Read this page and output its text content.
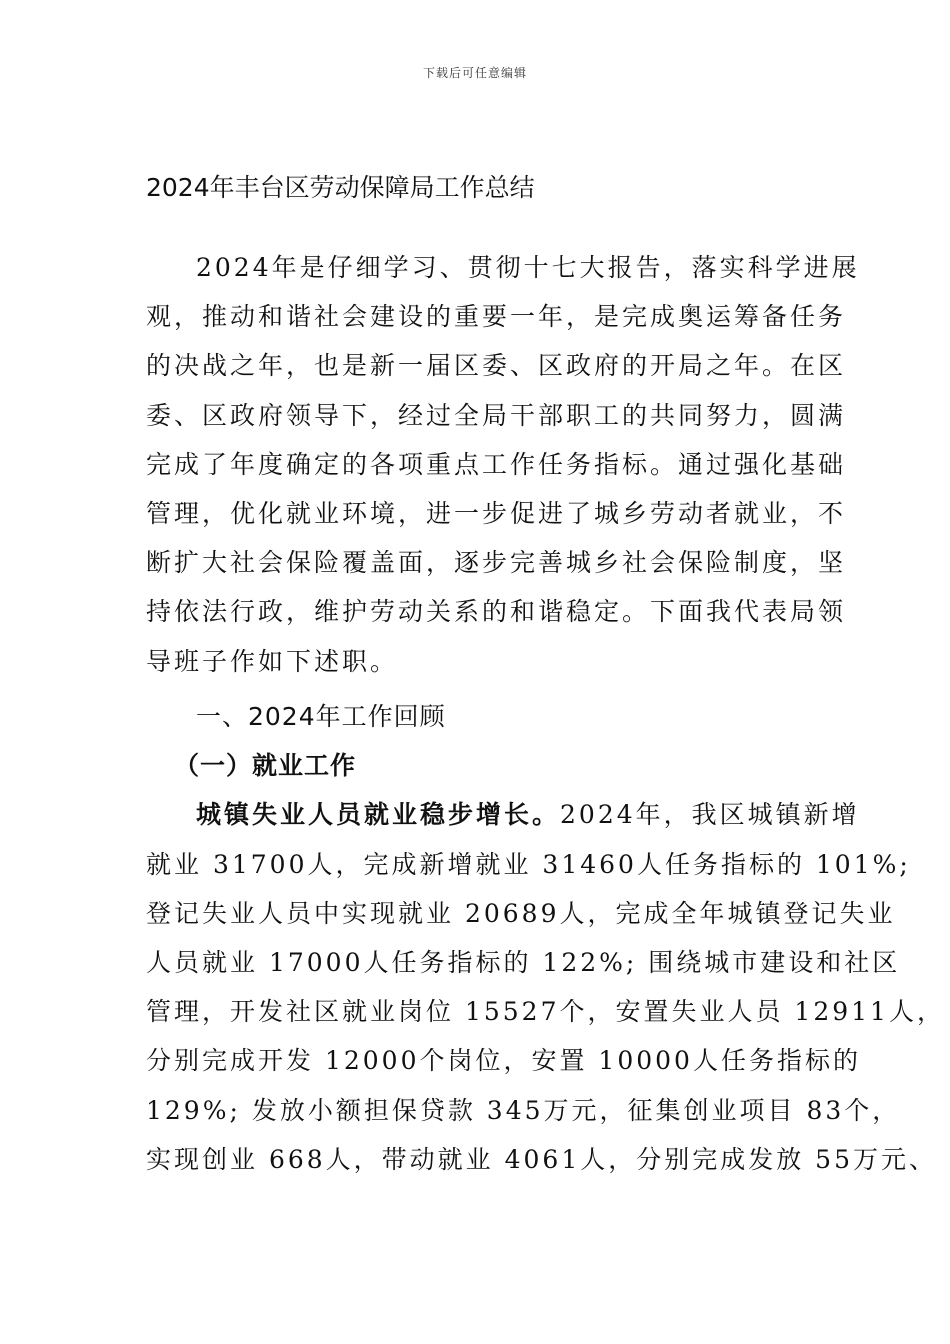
下载后可任意编辑
2024年丰台区劳动保障局工作总结
2024年是仔细学习、贯彻十七大报告，落实科学进展
观，推动和谐社会建设的重要一年，是完成奥运筹备任务
的决战之年，也是新一届区委、区政府的开局之年。在区
委、区政府领导下，经过全局干部职工的共同努力，圆满
完成了年度确定的各项重点工作任务指标。通过强化基础
管理，优化就业环境，进一步促进了城乡劳动者就业，不
断扩大社会保险覆盖面，逐步完善城乡社会保险制度，坚
持依法行政，维护劳动关系的和谐稳定。下面我代表局领
导班子作如下述职。
一、2024年工作回顾
（一）就业工作
城镇失业人员就业稳步增长。2024年，我区城镇新增
就业 31700人，完成新增就业 31460人任务指标的 101%;
登记失业人员中实现就业 20689人，完成全年城镇登记失业
人员就业 17000人任务指标的 122%; 围绕城市建设和社区
管理，开发社区就业岗位 15527个，安置失业人员 12911人，
分别完成开发 12000个岗位，安置 10000人任务指标的
129%; 发放小额担保贷款 345万元，征集创业项目 83个，
实现创业 668人，带动就业 4061人，分别完成发放 55万元、
